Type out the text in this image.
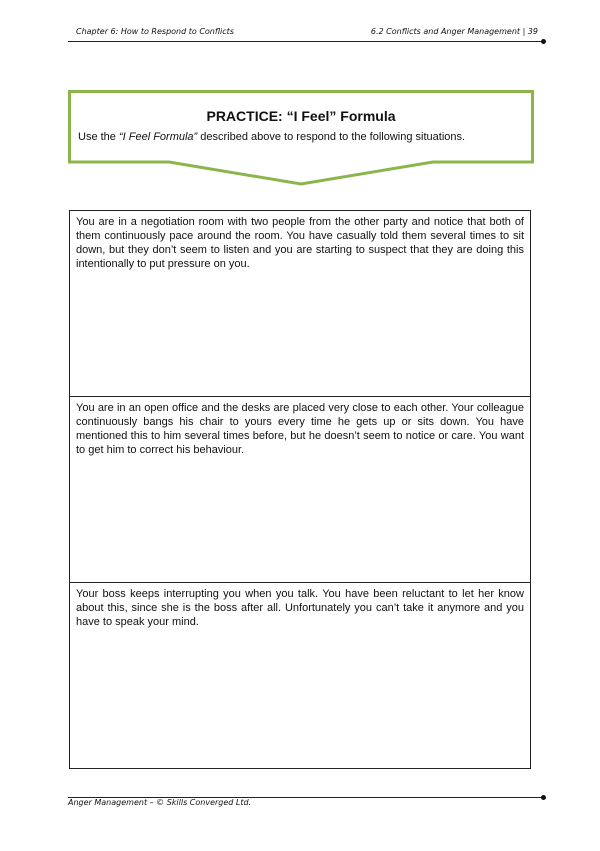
Chapter 6: How to Respond to Conflicts	6.2 Conflicts and Anger Management | 39
PRACTICE: “I Feel” Formula
Use the “I Feel Formula” described above to respond to the following situations.
You are in a negotiation room with two people from the other party and notice that both of them continuously pace around the room. You have casually told them several times to sit down, but they don’t seem to listen and you are starting to suspect that they are doing this intentionally to put pressure on you.
You are in an open office and the desks are placed very close to each other. Your colleague continuously bangs his chair to yours every time he gets up or sits down. You have mentioned this to him several times before, but he doesn’t seem to notice or care. You want to get him to correct his behaviour.
Your boss keeps interrupting you when you talk. You have been reluctant to let her know about this, since she is the boss after all. Unfortunately you can’t take it anymore and you have to speak your mind.
Anger Management – © Skills Converged Ltd.
